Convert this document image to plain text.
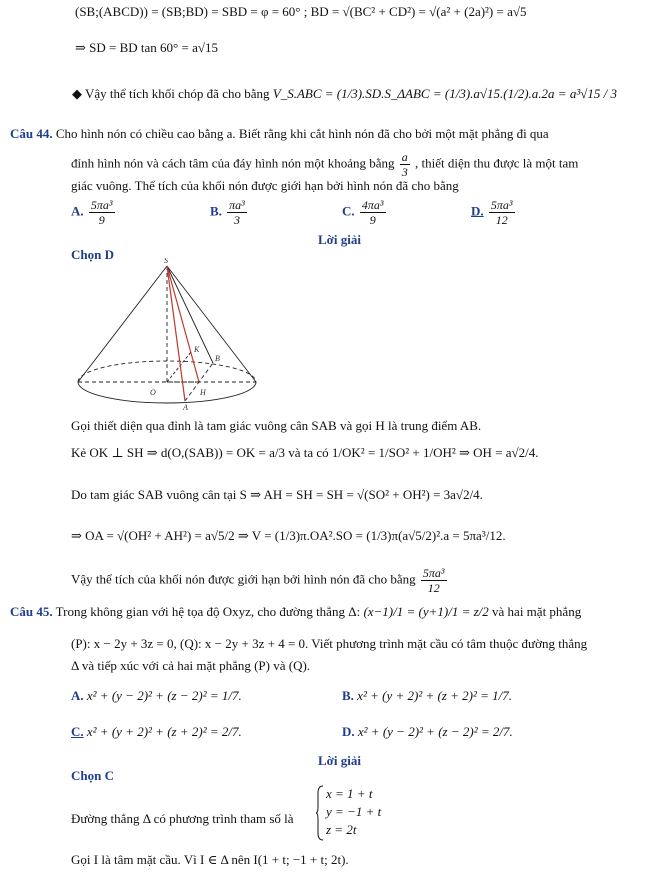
(SB;(ABCD)) = (SB;BD) = SBD = φ = 60° ; BD = √(BC² + CD²) = √(a² + (2a)²) = a√5
⇒ SD = BD tan 60° = a√15
◆ Vậy thể tích khối chóp đã cho bằng V_S.ABC = (1/3).SD.S_ΔABC = (1/3).a√15.(1/2).a.2a = a³√15 / 3
Câu 44. Cho hình nón có chiều cao bằng a. Biết rằng khi cắt hình nón đã cho bởi một mặt phẳng đi qua
đỉnh hình nón và cách tâm của đáy hình nón một khoảng bằng $\frac{a}{3}$ , thiết diện thu được là một tam
giác vuông. Thể tích của khối nón được giới hạn bởi hình nón đã cho bằng
A. $\frac{\text{5πa³}}{9}$	B. $\frac{\text{πa³}}{3}$	C. $\frac{\text{4πa³}}{9}$	D. $\frac{\text{5πa³}}{12}$
Lời giải
Chọn D	S
K
B
O	H
A
Gọi thiết diện qua đỉnh là tam giác vuông cân SAB và gọi H là trung điểm AB.
Kẻ OK ⊥ SH ⇒ d(O,(SAB)) = OK = a/3 và ta có 1/OK² = 1/SO² + 1/OH² ⇒ OH = a√2/4.
Do tam giác SAB vuông cân tại S ⇒ AH = SH = SH = √(SO² + OH²) = 3a√2/4.
⇒ OA = √(OH² + AH²) = a√5/2 ⇒ V = (1/3)π.OA².SO = (1/3)π(a√5/2)².a = 5πa³/12.
Vậy thể tích của khối nón được giới hạn bởi hình nón đã cho bằng $\frac{\text{5πa³}}{12}$
Câu 45. Trong không gian với hệ tọa độ Oxyz, cho đường thẳng Δ: (x−1)/1 = (y+1)/1 = z/2 và hai mặt phẳng
(P): x − 2y + 3z = 0, (Q): x − 2y + 3z + 4 = 0. Viết phương trình mặt cầu có tâm thuộc đường thẳng
Δ và tiếp xúc với cả hai mặt phẳng (P) và (Q).
A. x² + (y − 2)² + (z − 2)² = 1/7.	B. x² + (y + 2)² + (z + 2)² = 1/7.
C. x² + (y + 2)² + (z + 2)² = 2/7.	D. x² + (y − 2)² + (z − 2)² = 2/7.
Lời giải
Chọn C
Đường thẳng Δ có phương trình tham số là
x = 1 + t
y = −1 + t
z = 2t
Gọi I là tâm mặt cầu. Vì I ∈ Δ nên I(1 + t; −1 + t; 2t).
